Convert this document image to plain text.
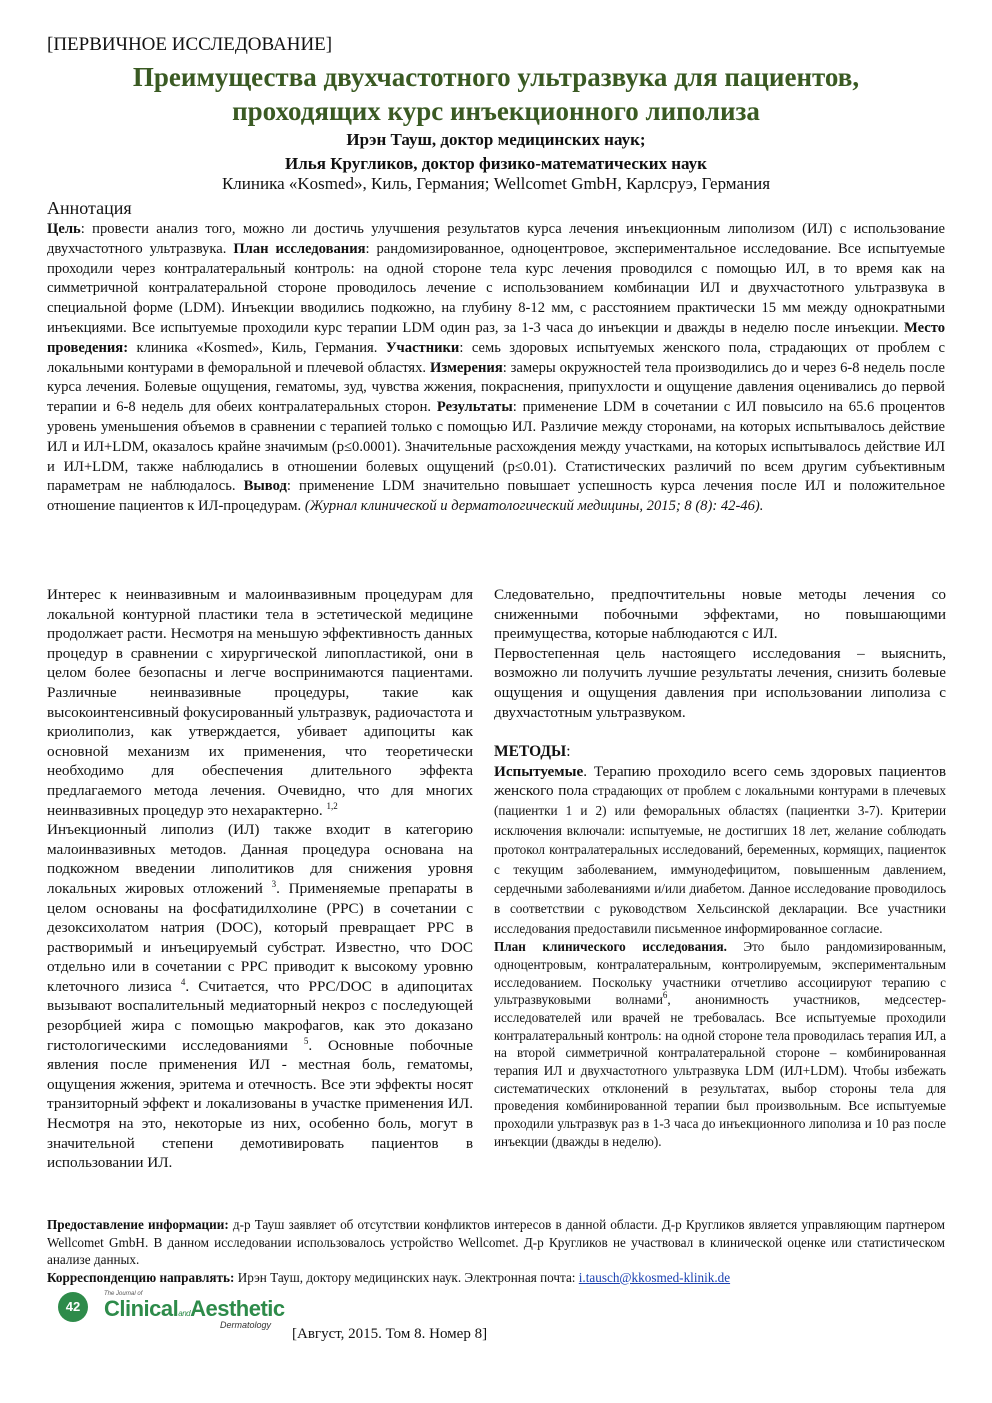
[ПЕРВИЧНОЕ ИССЛЕДОВАНИЕ]
Преимущества двухчастотного ультразвука для пациентов,
проходящих курс инъекционного липолиза
Ирэн Тауш, доктор медицинских наук;
Илья Кругликов, доктор физико-математических наук
Клиника «Kosmed», Киль, Германия; Wellcomet GmbH, Карлсруэ, Германия
Аннотация
Цель: провести анализ того, можно ли достичь улучшения результатов курса лечения инъекционным липолизом (ИЛ) с использование двухчастотного ультразвука. План исследования: рандомизированное, одноцентровое, экспериментальное исследование. Все испытуемые проходили через контралатеральный контроль: на одной стороне тела курс лечения проводился с помощью ИЛ, в то время как на симметричной контралатеральной стороне проводилось лечение с использованием комбинации ИЛ и двухчастотного ультразвука в специальной форме (LDM). Инъекции вводились подкожно, на глубину 8-12 мм, с расстоянием практически 15 мм между однократными инъекциями. Все испытуемые проходили курс терапии LDM один раз, за 1-3 часа до инъекции и дважды в неделю после инъекции. Место проведения: клиника «Kosmed», Киль, Германия. Участники: семь здоровых испытуемых женского пола, страдающих от проблем с локальными контурами в феморальной и плечевой областях. Измерения: замеры окружностей тела производились до и через 6-8 недель после курса лечения. Болевые ощущения, гематомы, зуд, чувства жжения, покраснения, припухлости и ощущение давления оценивались до первой терапии и 6-8 недель для обеих контралатеральных сторон. Результаты: применение LDM в сочетании с ИЛ повысило на 65.6 процентов уровень уменьшения объемов в сравнении с терапией только с помощью ИЛ. Различие между сторонами, на которых испытывалось действие ИЛ и ИЛ+LDM, оказалось крайне значимым (p≤0.0001). Значительные расхождения между участками, на которых испытывалось действие ИЛ и ИЛ+LDM, также наблюдались в отношении болевых ощущений (p≤0.01). Статистических различий по всем другим субъективным параметрам не наблюдалось. Вывод: применение LDM значительно повышает успешность курса лечения после ИЛ и положительное отношение пациентов к ИЛ-процедурам. (Журнал клинической и дерматологический медицины, 2015; 8 (8): 42-46).

Интерес к неинвазивным и малоинвазивным процедурам для локальной контурной пластики тела в эстетической медицине продолжает расти. Несмотря на меньшую эффективность данных процедур в сравнении с хирургической липопластикой, они в целом более безопасны и легче воспринимаются пациентами. Различные неинвазивные процедуры, такие как высокоинтенсивный фокусированный ультразвук, радиочастота и криолиполиз, как утверждается, убивает адипоциты как основной механизм их применения, что теоретически необходимо для обеспечения длительного эффекта предлагаемого метода лечения. Очевидно, что для многих неинвазивных процедур это нехарактерно. $^{1,2}$

Инъекционный липолиз (ИЛ) также входит в категорию малоинвазивных методов. Данная процедура основана на подкожном введении липолитиков для снижения уровня локальных жировых отложений $^3$. Применяемые препараты в целом основаны на фосфатидилхолине (PPC) в сочетании с дезоксихолатом натрия (DOC), который превращает PPC в растворимый и инъецируемый субстрат. Известно, что DOC отдельно или в сочетании с PPC приводит к высокому уровню клеточного лизиса $^4$. Считается, что PPC/DOC в адипоцитах вызывают воспалительный медиаторный некроз с последующей резорбцией жира с помощью макрофагов, как это доказано гистологическими исследованиями $^5$. Основные побочные явления после применения ИЛ - местная боль, гематомы, ощущения жжения, эритема и отечность. Все эти эффекты носят транзиторный эффект и локализованы в участке применения ИЛ. Несмотря на это, некоторые из них, особенно боль, могут в значительной степени демотивировать пациентов в использовании ИЛ.

Следовательно, предпочтительны новые методы лечения со сниженными побочными эффектами, но повышающими преимущества, которые наблюдаются с ИЛ.

Первостепенная цель настоящего исследования – выяснить, возможно ли получить лучшие результаты лечения, снизить болевые ощущения и ощущения давления при использовании липолиза с двухчастотным ультразвуком.

МЕТОДЫ:

Испытуемые. Терапию проходило всего семь здоровых пациентов женского пола страдающих от проблем с локальными контурами в плечевых (пациентки 1 и 2) или феморальных областях (пациентки 3-7). Критерии исключения включали: испытуемые, не достигших 18 лет, желание соблюдать протокол контралатеральных исследований, беременных, кормящих, пациенток с текущим заболеванием, иммунодефицитом, повышенным давлением, сердечными заболеваниями и/или диабетом. Данное исследование проводилось в соответствии с руководством Хельсинской декларации. Все участники исследования предоставили письменное информированное согласие.

План клинического исследования. Это было рандомизированным, одноцентровым, контралатеральным, контролируемым, экспериментальным исследованием. Поскольку участники отчетливо ассоциируют терапию с ультразвуковыми волнами$^6$, анонимность участников, медсестер-исследователей или врачей не требовалась. Все испытуемые проходили контралатеральный контроль: на одной стороне тела проводилась терапия ИЛ, а на второй симметричной контралатеральной стороне – комбинированная терапия ИЛ и двухчастотного ультразвука LDM (ИЛ+LDM). Чтобы избежать систематических отклонений в результатах, выбор стороны тела для проведения комбинированной терапии был произвольным. Все испытуемые проходили ультразвук раз в 1-3 часа до инъекционного липолиза и 10 раз после инъекции (дважды в неделю).

Предоставление информации: д-р Тауш заявляет об отсутствии конфликтов интересов в данной области. Д-р Кругликов является управляющим партнером Wellcomet GmbH. В данном исследовании использовалось устройство Wellcomet. Д-р Кругликов не участвовал в клинической оценке или статистическом анализе данных.
Корреспонденцию направлять: Ирэн Тауш, доктору медицинских наук. Электронная почта: i.tausch@kkosmed-klinik.de
42
The Journal of
ClinicalandAesthetic
Dermatology
[Август, 2015. Том 8. Номер 8]
